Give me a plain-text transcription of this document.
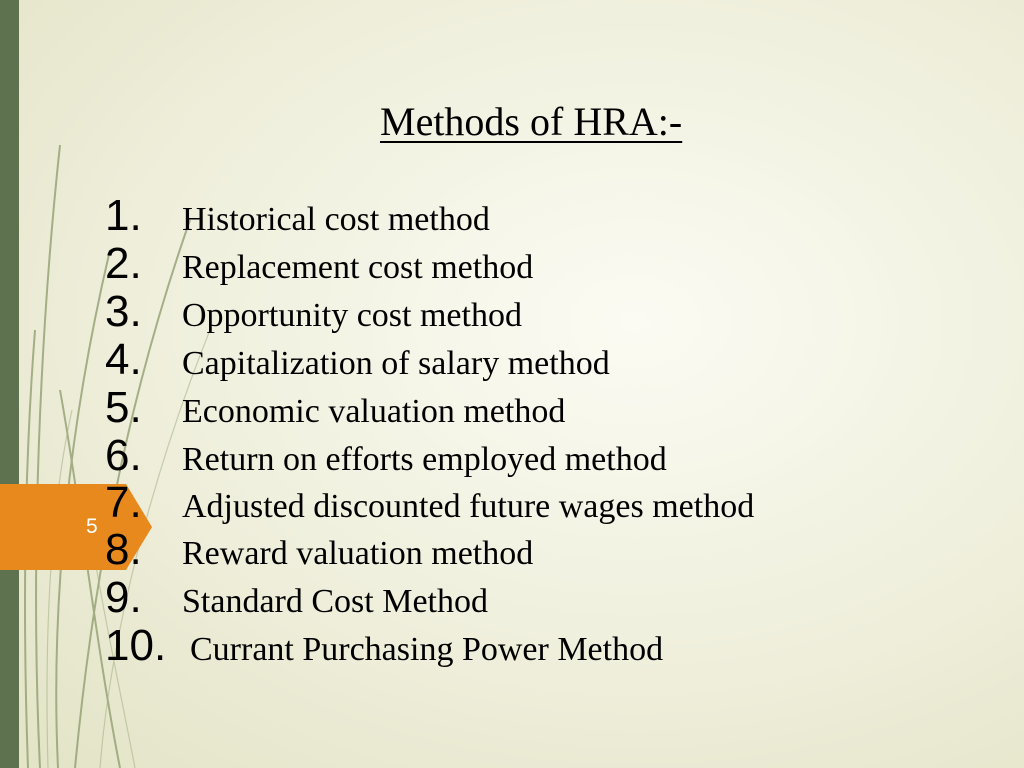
5
Methods of HRA:-
1. Historical cost method
2. Replacement cost method
3. Opportunity cost method
4. Capitalization of salary method
5. Economic valuation method
6. Return on efforts employed method
7. Adjusted discounted future wages method
8. Reward valuation method
9. Standard Cost Method
10. Currant Purchasing Power Method
